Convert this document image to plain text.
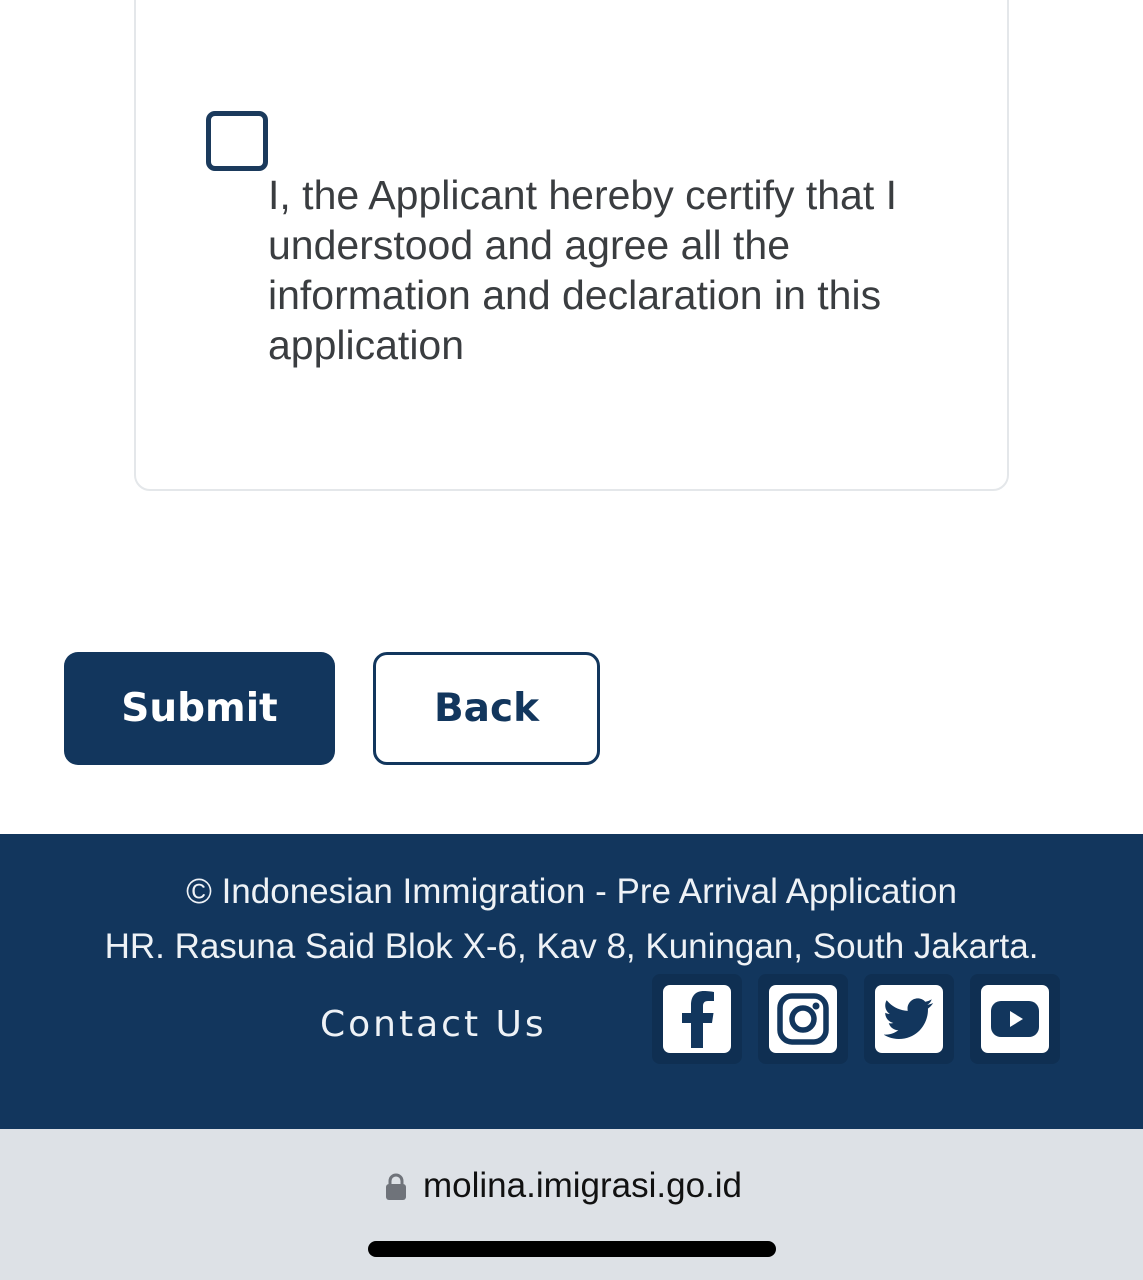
I, the Applicant hereby certify that I understood and agree all the information and declaration in this application
Submit	Back
© Indonesian Immigration - Pre Arrival Application
HR. Rasuna Said Blok X-6, Kav 8, Kuningan, South Jakarta.
Contact Us
molina.imigrasi.go.id
